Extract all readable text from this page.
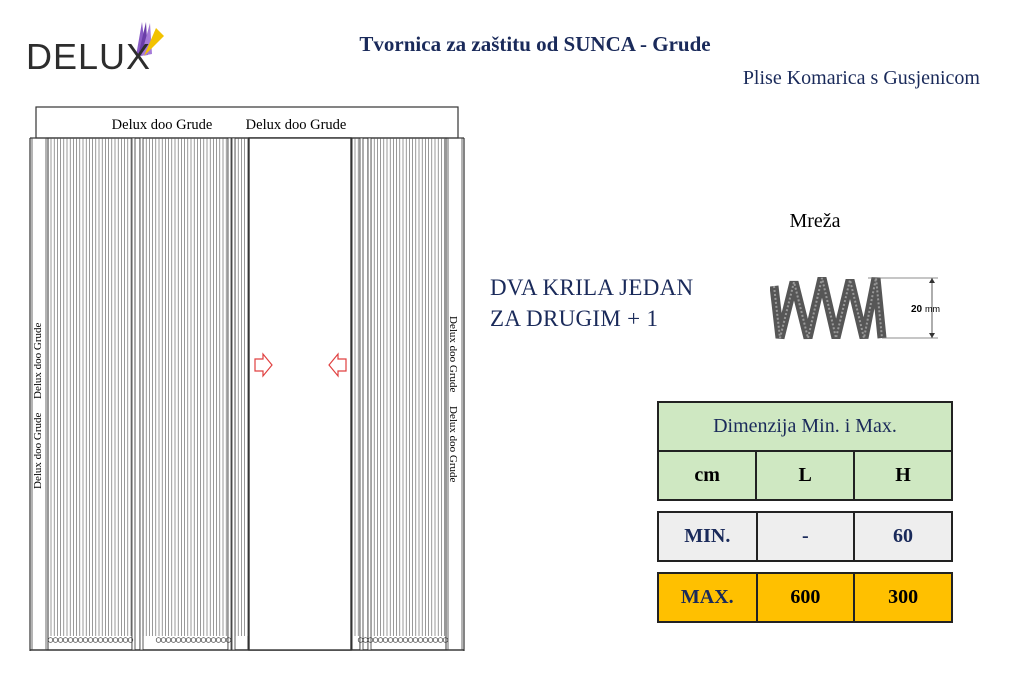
DELUX	Tvornica za zaštitu od SUNCA - Grude
Plise Komarica s Gusjenicom
Delux doo Grude Delux doo Grude
Delux doo Grude
Delux doo Grude	Delux doo Grude
Delux doo Grude
Mreža
DVA KRILA JEDAN
ZA DRUGIM + 1	20 mm
Dimenzija Min. i Max.
cm	L	H
MIN.	-	60
MAX.	600	300
